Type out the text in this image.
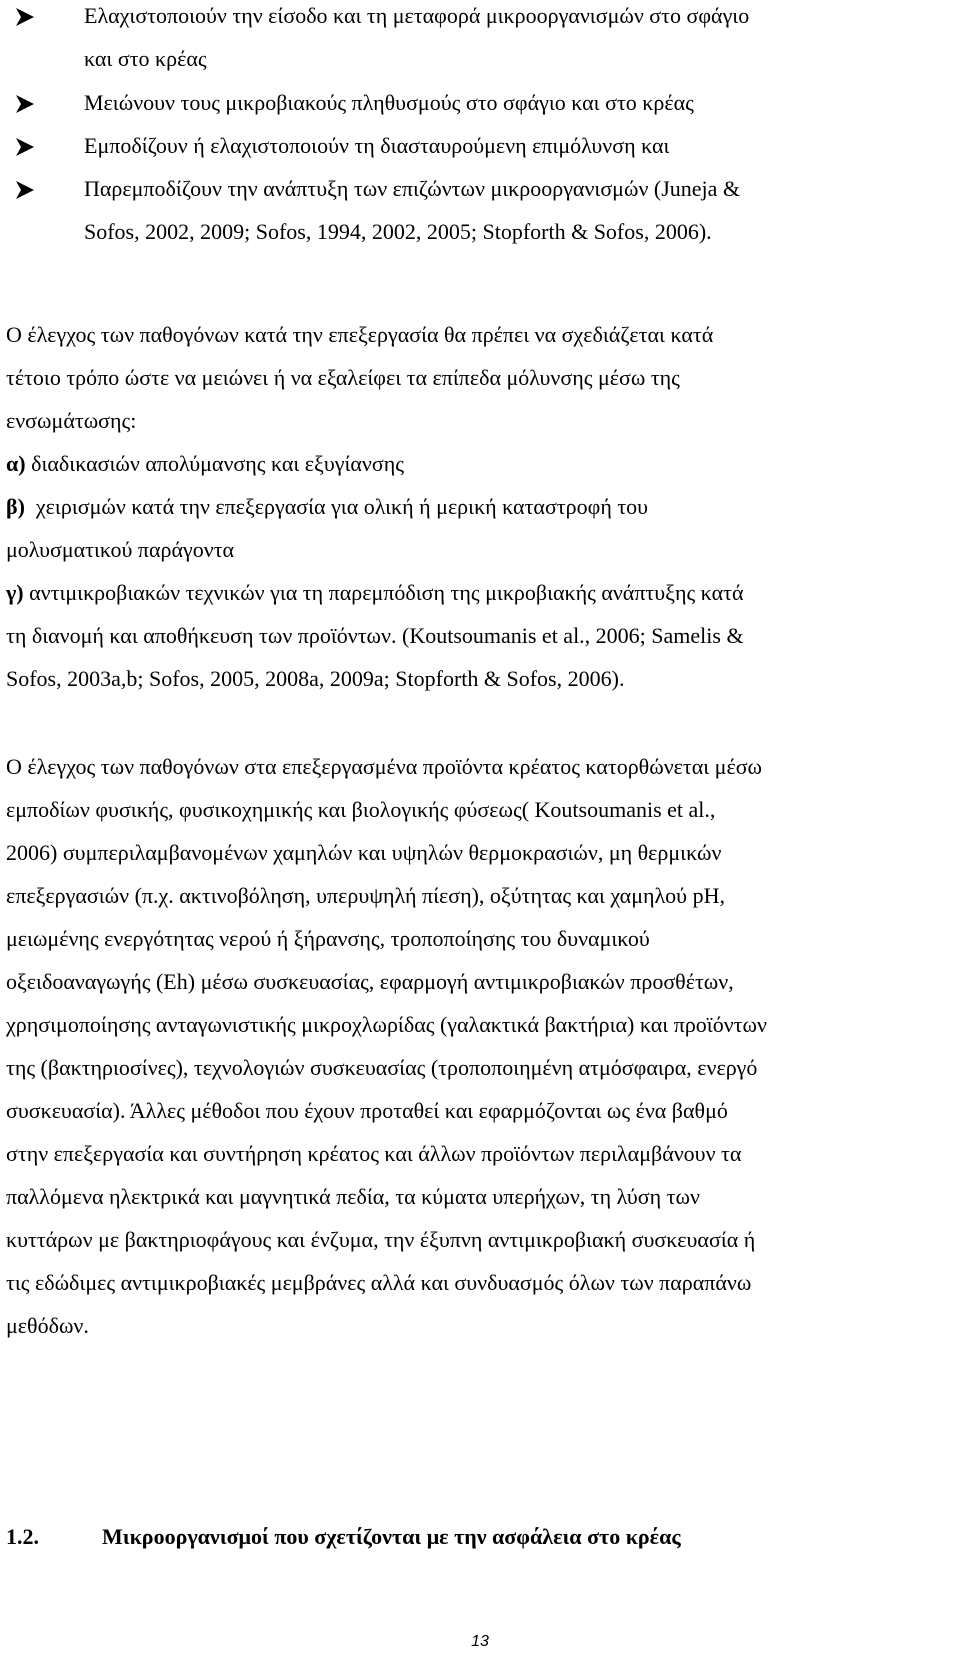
Ελαχιστοποιούν την είσοδο και τη μεταφορά μικροοργανισμών στο σφάγιο
και στο κρέας
Μειώνουν τους μικροβιακούς πληθυσμούς στο σφάγιο και στο κρέας
Εμποδίζουν ή ελαχιστοποιούν τη διασταυρούμενη επιμόλυνση και
Παρεμποδίζουν την ανάπτυξη των επιζώντων μικροοργανισμών (Juneja &
Sofos, 2002, 2009; Sofos, 1994, 2002, 2005; Stopforth & Sofos, 2006).
Ο έλεγχος των παθογόνων κατά την επεξεργασία θα πρέπει να σχεδιάζεται κατά
τέτοιο τρόπο ώστε να μειώνει ή να εξαλείφει τα επίπεδα μόλυνσης μέσω της
ενσωμάτωσης:
α) διαδικασιών απολύμανσης και εξυγίανσης
β)  χειρισμών κατά την επεξεργασία για ολική ή μερική καταστροφή του
μολυσματικού παράγοντα
γ) αντιμικροβιακών τεχνικών για τη παρεμπόδιση της μικροβιακής ανάπτυξης κατά
τη διανομή και αποθήκευση των προϊόντων. (Koutsoumanis et al., 2006; Samelis &
Sofos, 2003a,b; Sofos, 2005, 2008a, 2009a; Stopforth & Sofos, 2006).
Ο έλεγχος των παθογόνων στα επεξεργασμένα προϊόντα κρέατος κατορθώνεται μέσω
εμποδίων φυσικής, φυσικοχημικής και βιολογικής φύσεως( Koutsoumanis et al.,
2006) συμπεριλαμβανομένων χαμηλών και υψηλών θερμοκρασιών, μη θερμικών
επεξεργασιών (π.χ. ακτινοβόληση, υπερυψηλή πίεση), οξύτητας και χαμηλού pH,
μειωμένης ενεργότητας νερού ή ξήρανσης, τροποποίησης του δυναμικού
οξειδοαναγωγής (Eh) μέσω συσκευασίας, εφαρμογή αντιμικροβιακών προσθέτων,
χρησιμοποίησης ανταγωνιστικής μικροχλωρίδας (γαλακτικά βακτήρια) και προϊόντων
της (βακτηριοσίνες), τεχνολογιών συσκευασίας (τροποποιημένη ατμόσφαιρα, ενεργό
συσκευασία). Άλλες μέθοδοι που έχουν προταθεί και εφαρμόζονται ως ένα βαθμό
στην επεξεργασία και συντήρηση κρέατος και άλλων προϊόντων περιλαμβάνουν τα
παλλόμενα ηλεκτρικά και μαγνητικά πεδία, τα κύματα υπερήχων, τη λύση των
κυττάρων με βακτηριοφάγους και ένζυμα, την έξυπνη αντιμικροβιακή συσκευασία ή
τις εδώδιμες αντιμικροβιακές μεμβράνες αλλά και συνδυασμός όλων των παραπάνω
μεθόδων.
1.2.	Μικροοργανισμοί που σχετίζονται με την ασφάλεια στο κρέας
13
